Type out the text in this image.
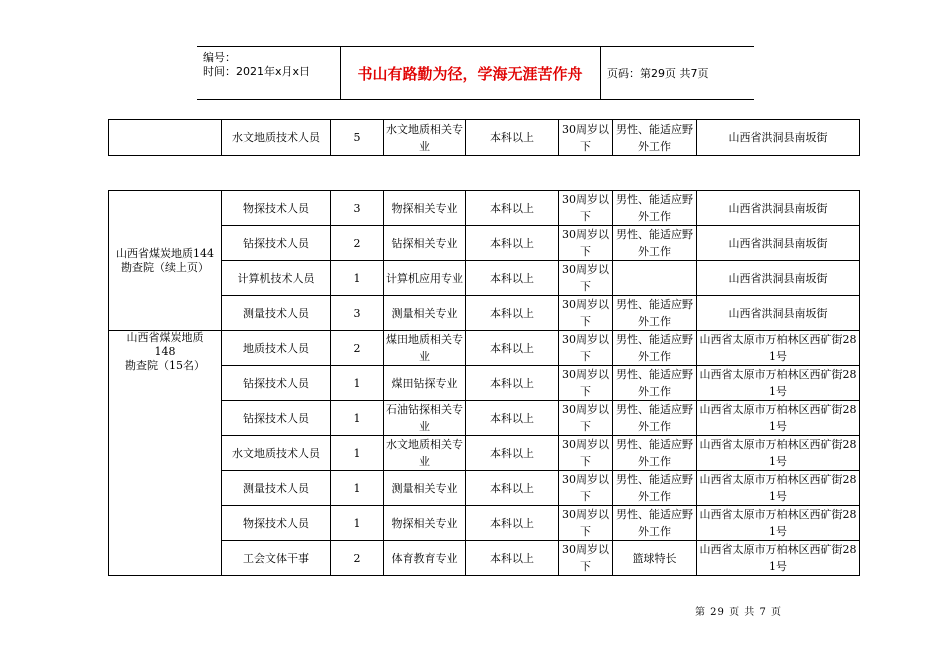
编号：
时间：2021年x月x日	书山有路勤为径，学海无涯苦作舟	页码：第29页 共7页
	水文地质技术人员	5	水文地质相关专业	本科以上	30周岁以下	男性、能适应野外工作	山西省洪洞县南坂街
山西省煤炭地质144勘查院（续上页）	物探技术人员	3	物探相关专业	本科以上	30周岁以下	男性、能适应野外工作	山西省洪洞县南坂街
	钻探技术人员	2	钻探相关专业	本科以上	30周岁以下	男性、能适应野外工作	山西省洪洞县南坂街
	计算机技术人员	1	计算机应用专业	本科以上	30周岁以下		山西省洪洞县南坂街
	测量技术人员	3	测量相关专业	本科以上	30周岁以下	男性、能适应野外工作	山西省洪洞县南坂街

山西省煤炭地质
148
勘查院（15名）	地质技术人员	2	煤田地质相关专业	本科以上	30周岁以下	男性、能适应野外工作	山西省太原市万柏林区西矿街281号
	钻探技术人员	1	煤田钻探专业	本科以上	30周岁以下	男性、能适应野外工作	山西省太原市万柏林区西矿街281号
	钻探技术人员	1	石油钻探相关专业	本科以上	30周岁以下	男性、能适应野外工作	山西省太原市万柏林区西矿街281号
	水文地质技术人员	1	水文地质相关专业	本科以上	30周岁以下	男性、能适应野外工作	山西省太原市万柏林区西矿街281号
	测量技术人员	1	测量相关专业	本科以上	30周岁以下	男性、能适应野外工作	山西省太原市万柏林区西矿街281号
	物探技术人员	1	物探相关专业	本科以上	30周岁以下	男性、能适应野外工作	山西省太原市万柏林区西矿街281号
	工会文体干事	2	体育教育专业	本科以上	30周岁以下	篮球特长	山西省太原市万柏林区西矿街281号
第 29 页 共 7 页
